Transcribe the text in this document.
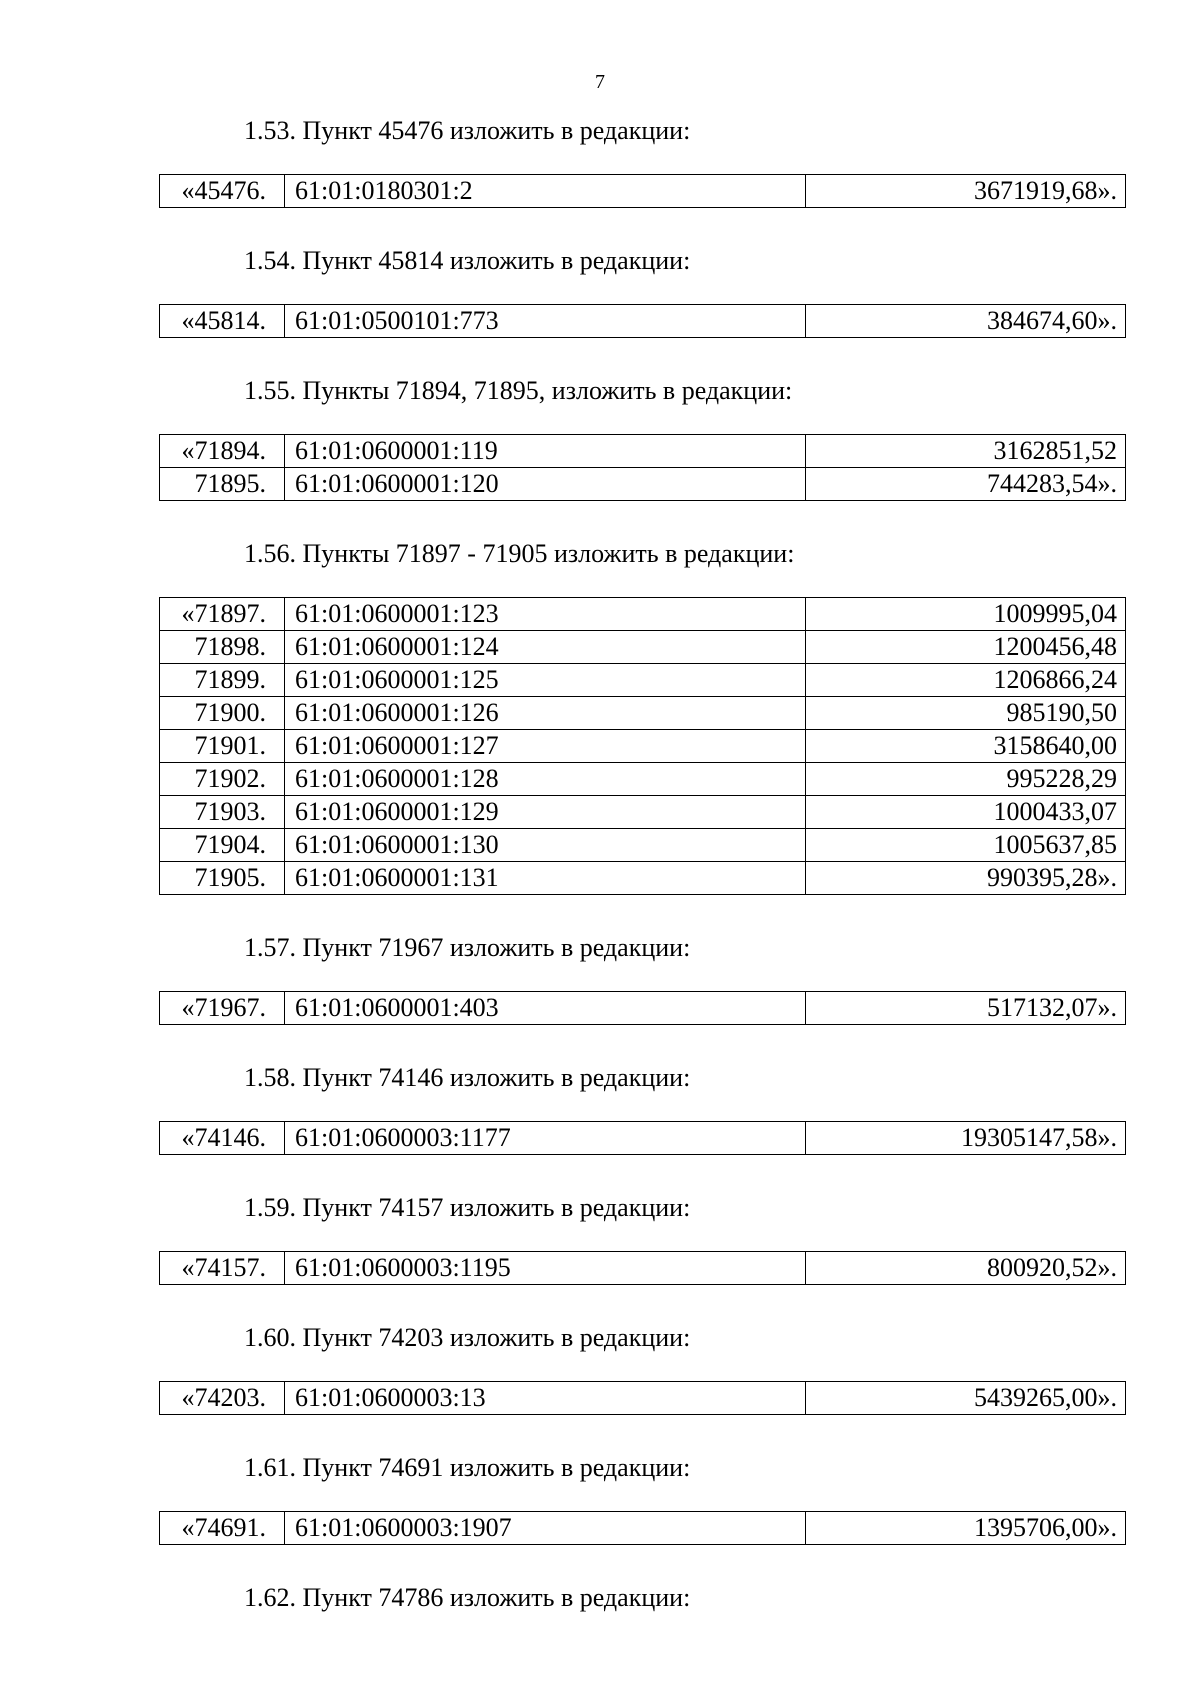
7

1.53. Пункт 45476 изложить в редакции:

«45476.	61:01:0180301:2	3671919,68».

1.54. Пункт 45814 изложить в редакции:

«45814.	61:01:0500101:773	384674,60».

1.55. Пункты 71894, 71895, изложить в редакции:

«71894.	61:01:0600001:119	3162851,52
71895.	61:01:0600001:120	744283,54».

1.56. Пункты 71897 - 71905 изложить в редакции:

«71897.	61:01:0600001:123	1009995,04
71898.	61:01:0600001:124	1200456,48
71899.	61:01:0600001:125	1206866,24
71900.	61:01:0600001:126	985190,50
71901.	61:01:0600001:127	3158640,00
71902.	61:01:0600001:128	995228,29
71903.	61:01:0600001:129	1000433,07
71904.	61:01:0600001:130	1005637,85
71905.	61:01:0600001:131	990395,28».

1.57. Пункт 71967 изложить в редакции:

«71967.	61:01:0600001:403	517132,07».

1.58. Пункт 74146 изложить в редакции:

«74146.	61:01:0600003:1177	19305147,58».

1.59. Пункт 74157 изложить в редакции:

«74157.	61:01:0600003:1195	800920,52».

1.60. Пункт 74203 изложить в редакции:

«74203.	61:01:0600003:13	5439265,00».

1.61. Пункт 74691 изложить в редакции:

«74691.	61:01:0600003:1907	1395706,00».

1.62. Пункт 74786 изложить в редакции:
